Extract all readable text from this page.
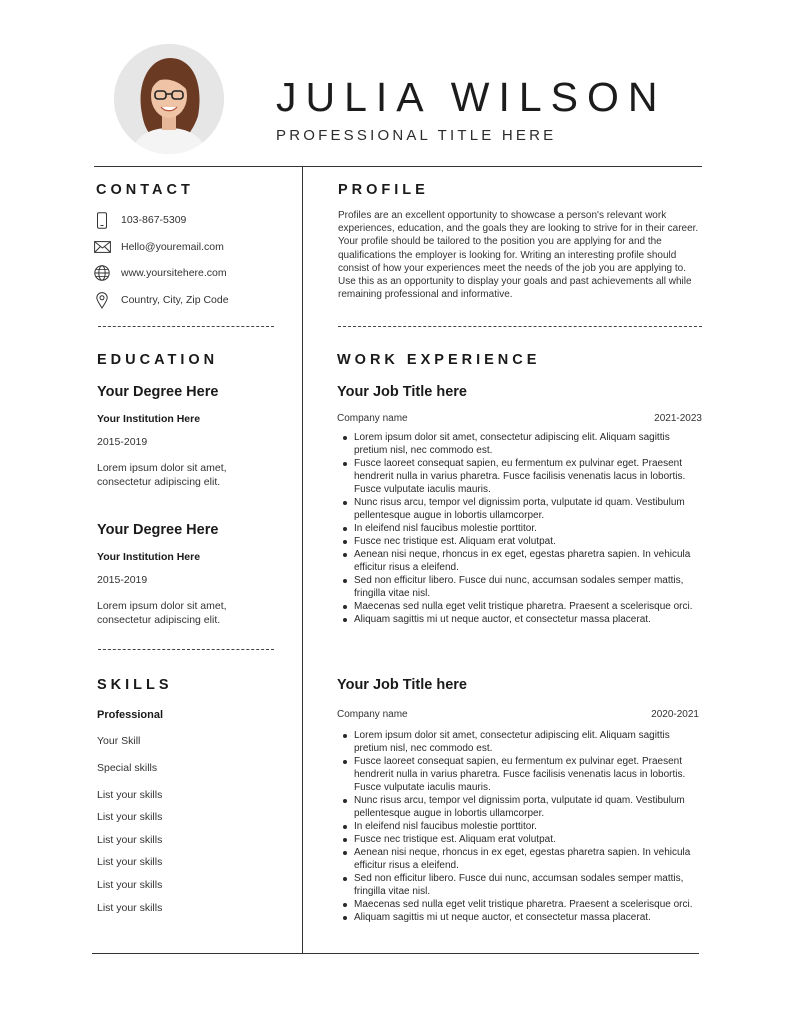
JULIA WILSON
PROFESSIONAL TITLE HERE
CONTACT
103-867-5309
Hello@youremail.com
www.yoursitehere.com
Country, City, Zip Code
EDUCATION
Your Degree Here
Your Institution Here
2015-2019
Lorem ipsum dolor sit amet, consectetur adipiscing elit.
Your Degree Here
Your Institution Here
2015-2019
Lorem ipsum dolor sit amet, consectetur adipiscing elit.
SKILLS
Professional
Your Skill
Special skills
List your skills
List your skills
List your skills
List your skills
List your skills
List your skills
PROFILE
Profiles are an excellent opportunity to showcase a person's relevant work experiences, education, and the goals they are looking to strive for in their career. Your profile should be tailored to the position you are applying for and the qualifications the employer is looking for. Writing an interesting profile should consist of how your experiences meet the needs of the job you are applying to. Use this as an opportunity to display your goals and past achievements all while remaining professional and informative.
WORK EXPERIENCE
Your Job Title here
Company name	2021-2023
Lorem ipsum dolor sit amet, consectetur adipiscing elit. Aliquam sagittis pretium nisl, nec commodo est.
Fusce laoreet consequat sapien, eu fermentum ex pulvinar eget. Praesent hendrerit nulla in varius pharetra. Fusce facilisis venenatis lacus in lobortis. Fusce vulputate iaculis mauris.
Nunc risus arcu, tempor vel dignissim porta, vulputate id quam. Vestibulum pellentesque augue in lobortis ullamcorper.
In eleifend nisl faucibus molestie porttitor.
Fusce nec tristique est. Aliquam erat volutpat.
Aenean nisi neque, rhoncus in ex eget, egestas pharetra sapien. In vehicula efficitur risus a eleifend.
Sed non efficitur libero. Fusce dui nunc, accumsan sodales semper mattis, fringilla vitae nisl.
Maecenas sed nulla eget velit tristique pharetra. Praesent a scelerisque orci.
Aliquam sagittis mi ut neque auctor, et consectetur massa placerat.
Your Job Title here
Company name	2020-2021
Lorem ipsum dolor sit amet, consectetur adipiscing elit. Aliquam sagittis pretium nisl, nec commodo est.
Fusce laoreet consequat sapien, eu fermentum ex pulvinar eget. Praesent hendrerit nulla in varius pharetra. Fusce facilisis venenatis lacus in lobortis. Fusce vulputate iaculis mauris.
Nunc risus arcu, tempor vel dignissim porta, vulputate id quam. Vestibulum pellentesque augue in lobortis ullamcorper.
In eleifend nisl faucibus molestie porttitor.
Fusce nec tristique est. Aliquam erat volutpat.
Aenean nisi neque, rhoncus in ex eget, egestas pharetra sapien. In vehicula efficitur risus a eleifend.
Sed non efficitur libero. Fusce dui nunc, accumsan sodales semper mattis, fringilla vitae nisl.
Maecenas sed nulla eget velit tristique pharetra. Praesent a scelerisque orci.
Aliquam sagittis mi ut neque auctor, et consectetur massa placerat.
